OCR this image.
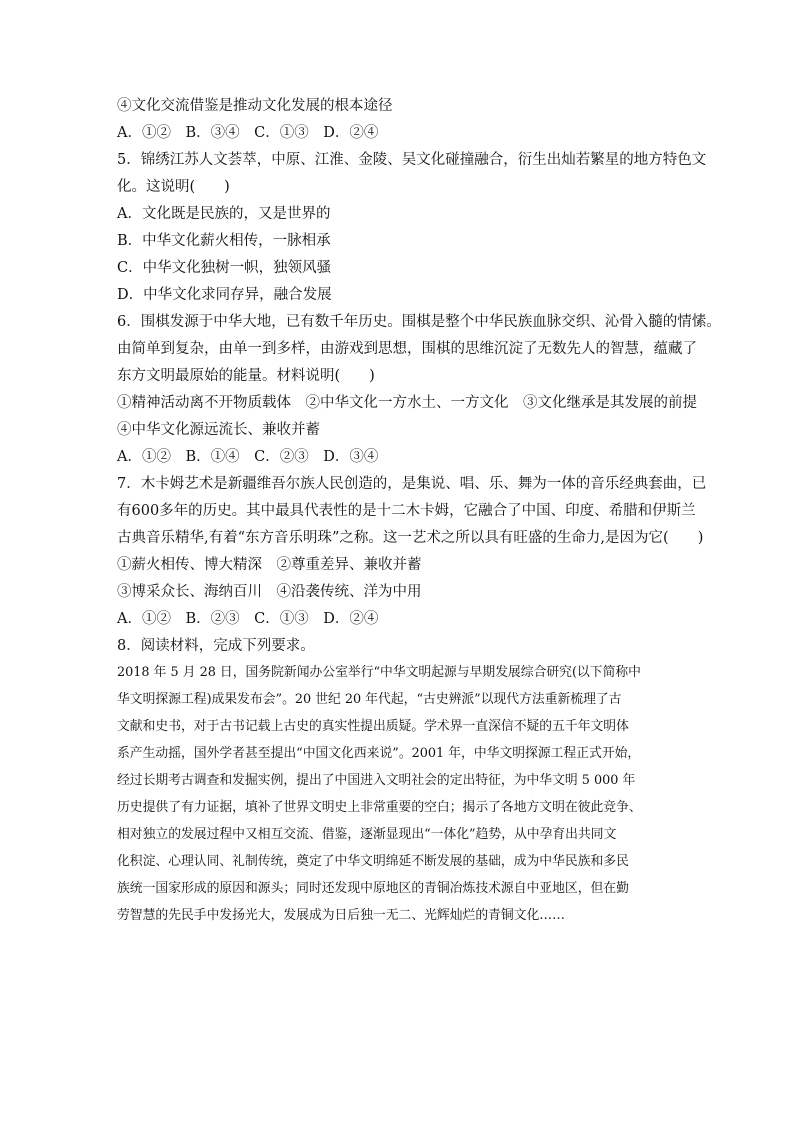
④文化交流借鉴是推动文化发展的根本途径
A．①②　B．③④　C．①③　D．②④
5．锦绣江苏人文荟萃，中原、江淮、金陵、吴文化碰撞融合，衍生出灿若繁星的地方特色文
化。这说明(　　)
A．文化既是民族的，又是世界的
B．中华文化薪火相传，一脉相承
C．中华文化独树一帜，独领风骚
D．中华文化求同存异，融合发展
6．围棋发源于中华大地，已有数千年历史。围棋是整个中华民族血脉交织、沁骨入髓的情愫。
由简单到复杂，由单一到多样，由游戏到思想，围棋的思维沉淀了无数先人的智慧，蕴藏了
东方文明最原始的能量。材料说明(　　)
①精神活动离不开物质载体　②中华文化一方水土、一方文化　③文化继承是其发展的前提
④中华文化源远流长、兼收并蓄
A．①②　B．①④　C．②③　D．③④
7．木卡姆艺术是新疆维吾尔族人民创造的，是集说、唱、乐、舞为一体的音乐经典套曲，已
有600多年的历史。其中最具代表性的是十二木卡姆，它融合了中国、印度、希腊和伊斯兰
古典音乐精华,有着“东方音乐明珠”之称。这一艺术之所以具有旺盛的生命力,是因为它(　　)
①薪火相传、博大精深　②尊重差异、兼收并蓄
③博采众长、海纳百川　④沿袭传统、洋为中用
A．①②　B．②③　C．①③　D．②④
8．阅读材料，完成下列要求。
2018 年 5 月 28 日，国务院新闻办公室举行“中华文明起源与早期发展综合研究(以下简称中
华文明探源工程)成果发布会”。20 世纪 20 年代起，“古史辨派”以现代方法重新梳理了古
文献和史书，对于古书记载上古史的真实性提出质疑。学术界一直深信不疑的五千年文明体
系产生动摇，国外学者甚至提出“中国文化西来说”。2001 年，中华文明探源工程正式开始，
经过长期考古调查和发掘实例，提出了中国进入文明社会的定出特征，为中华文明 5 000 年
历史提供了有力证据，填补了世界文明史上非常重要的空白；揭示了各地方文明在彼此竞争、
相对独立的发展过程中又相互交流、借鉴，逐渐显现出“一体化”趋势，从中孕育出共同文
化积淀、心理认同、礼制传统，奠定了中华文明绵延不断发展的基础，成为中华民族和多民
族统一国家形成的原因和源头；同时还发现中原地区的青铜冶炼技术源自中亚地区，但在勤
劳智慧的先民手中发扬光大，发展成为日后独一无二、光辉灿烂的青铜文化……
